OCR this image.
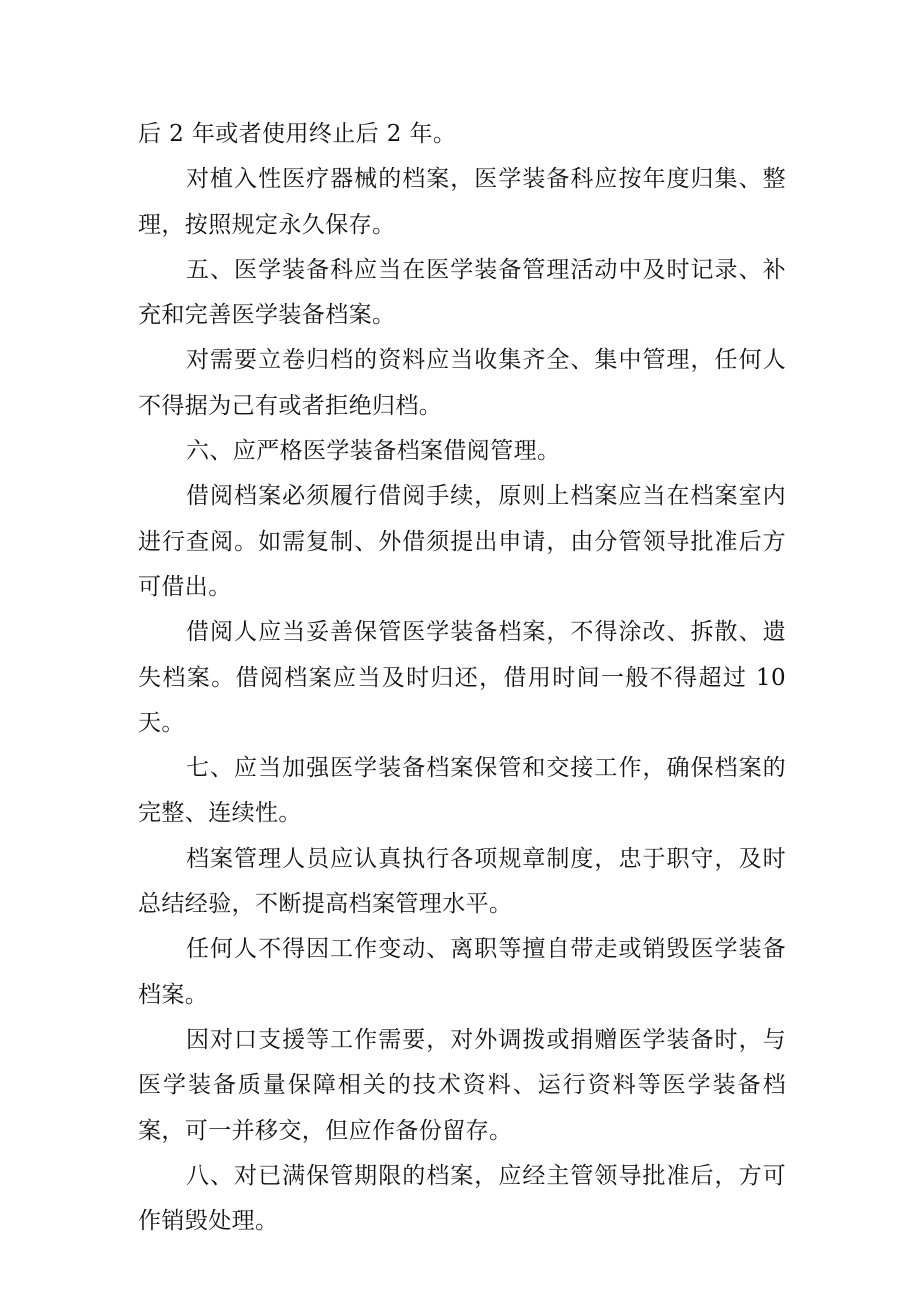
后 2 年或者使用终止后 2 年。

对植入性医疗器械的档案，医学装备科应按年度归集、整理，按照规定永久保存。

五、医学装备科应当在医学装备管理活动中及时记录、补充和完善医学装备档案。

对需要立卷归档的资料应当收集齐全、集中管理，任何人不得据为己有或者拒绝归档。

六、应严格医学装备档案借阅管理。

借阅档案必须履行借阅手续，原则上档案应当在档案室内进行查阅。如需复制、外借须提出申请，由分管领导批准后方可借出。

借阅人应当妥善保管医学装备档案，不得涂改、拆散、遗失档案。借阅档案应当及时归还，借用时间一般不得超过 10 天。

七、应当加强医学装备档案保管和交接工作，确保档案的完整、连续性。

档案管理人员应认真执行各项规章制度，忠于职守，及时总结经验，不断提高档案管理水平。

任何人不得因工作变动、离职等擅自带走或销毁医学装备档案。

因对口支援等工作需要，对外调拨或捐赠医学装备时，与医学装备质量保障相关的技术资料、运行资料等医学装备档案，可一并移交，但应作备份留存。

八、对已满保管期限的档案，应经主管领导批准后，方可作销毁处理。
